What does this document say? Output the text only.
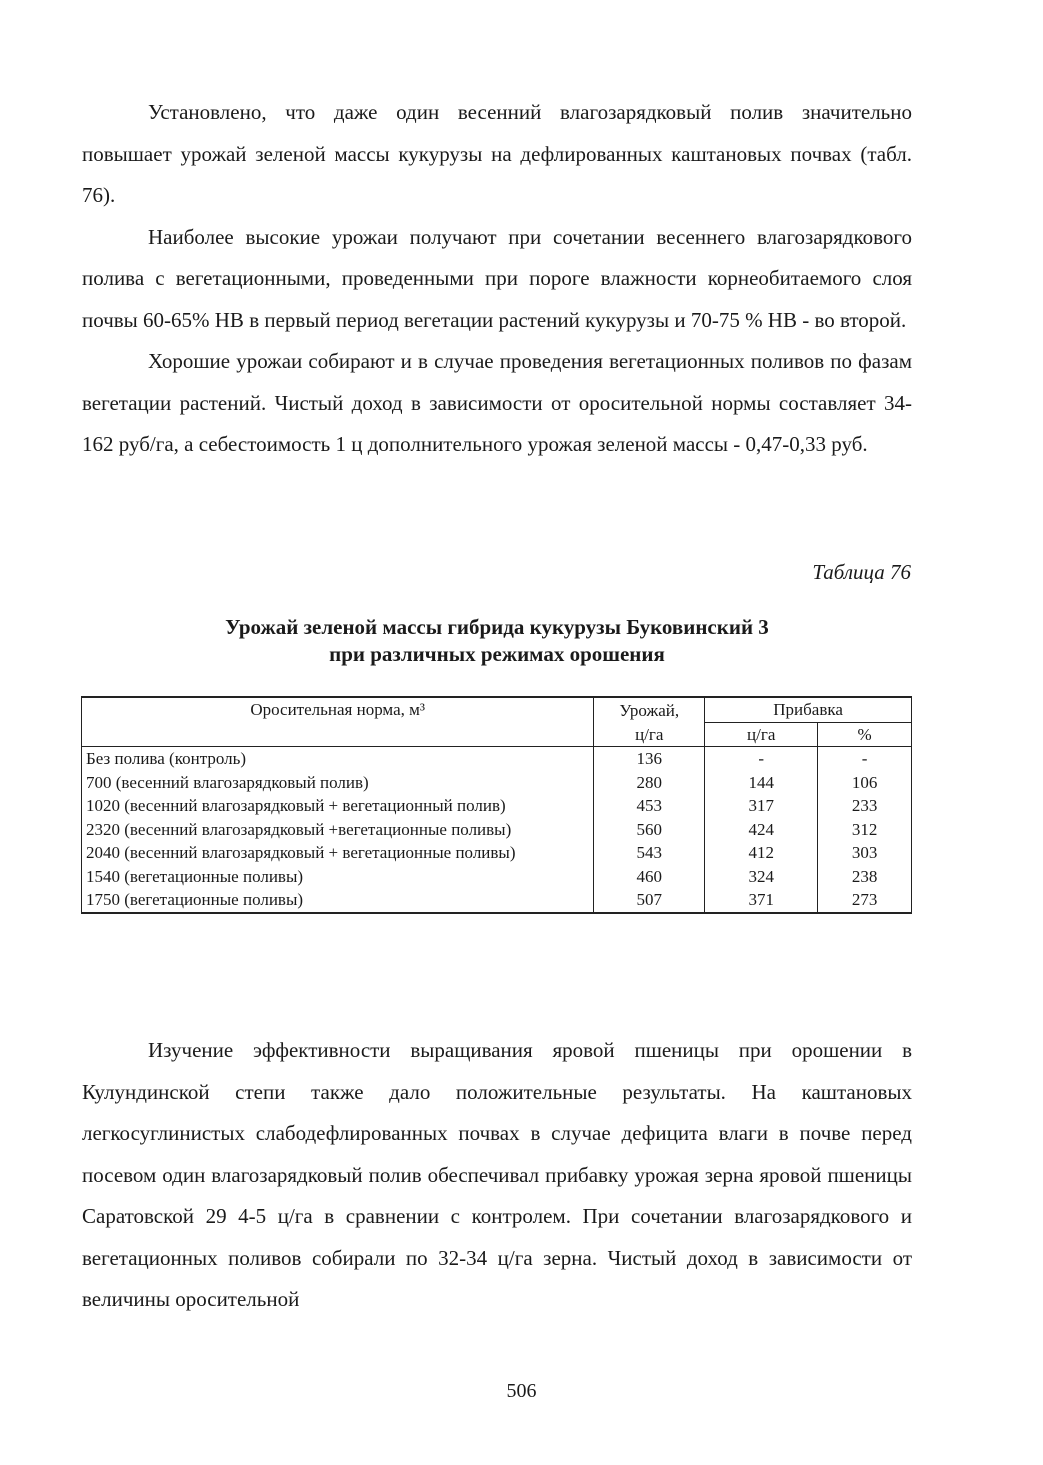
Установлено, что даже один весенний влагозарядковый полив значительно повышает урожай зеленой массы кукурузы на дефлированных каштановых почвах (табл. 76).

Наиболее высокие урожаи получают при сочетании весеннего влагозарядкового полива с вегетационными, проведенными при пороге влажности корнеобитаемого слоя почвы 60-65% НВ в первый период вегетации растений кукурузы и 70-75 % НВ - во второй.

Хорошие урожаи собирают и в случае проведения вегетационных поливов по фазам вегетации растений. Чистый доход в зависимости от оросительной нормы составляет 34-162 руб/га, а себестоимость 1 ц дополнительного урожая зеленой массы - 0,47-0,33 руб.

Таблица 76
Урожай зеленой массы гибрида кукурузы Буковинский 3
при различных режимах орошения
Оросительная норма, м³	Урожай,	Прибавка	
	ц/га	ц/га	%
Без полива (контроль)	136	-	-
700 (весенний влагозарядковый полив)	280	144	106
1020 (весенний влагозарядковый + вегетационный полив)	453	317	233
2320 (весенний влагозарядковый +вегетационные поливы)	560	424	312
2040 (весенний влагозарядковый + вегетационные поливы)	543	412	303
1540 (вегетационные поливы)	460	324	238
1750 (вегетационные поливы)	507	371	273

Изучение эффективности выращивания яровой пшеницы при орошении в Кулундинской степи также дало положительные результаты. На каштановых легкосуглинистых слабодефлированных почвах в случае дефицита влаги в почве перед посевом один влагозарядковый полив обеспечивал прибавку урожая зерна яровой пшеницы Саратовской 29 4-5 ц/га в сравнении с контролем. При сочетании влагозарядкового и вегетационных поливов собирали по 32-34 ц/га зерна. Чистый доход в зависимости от величины оросительной

506
